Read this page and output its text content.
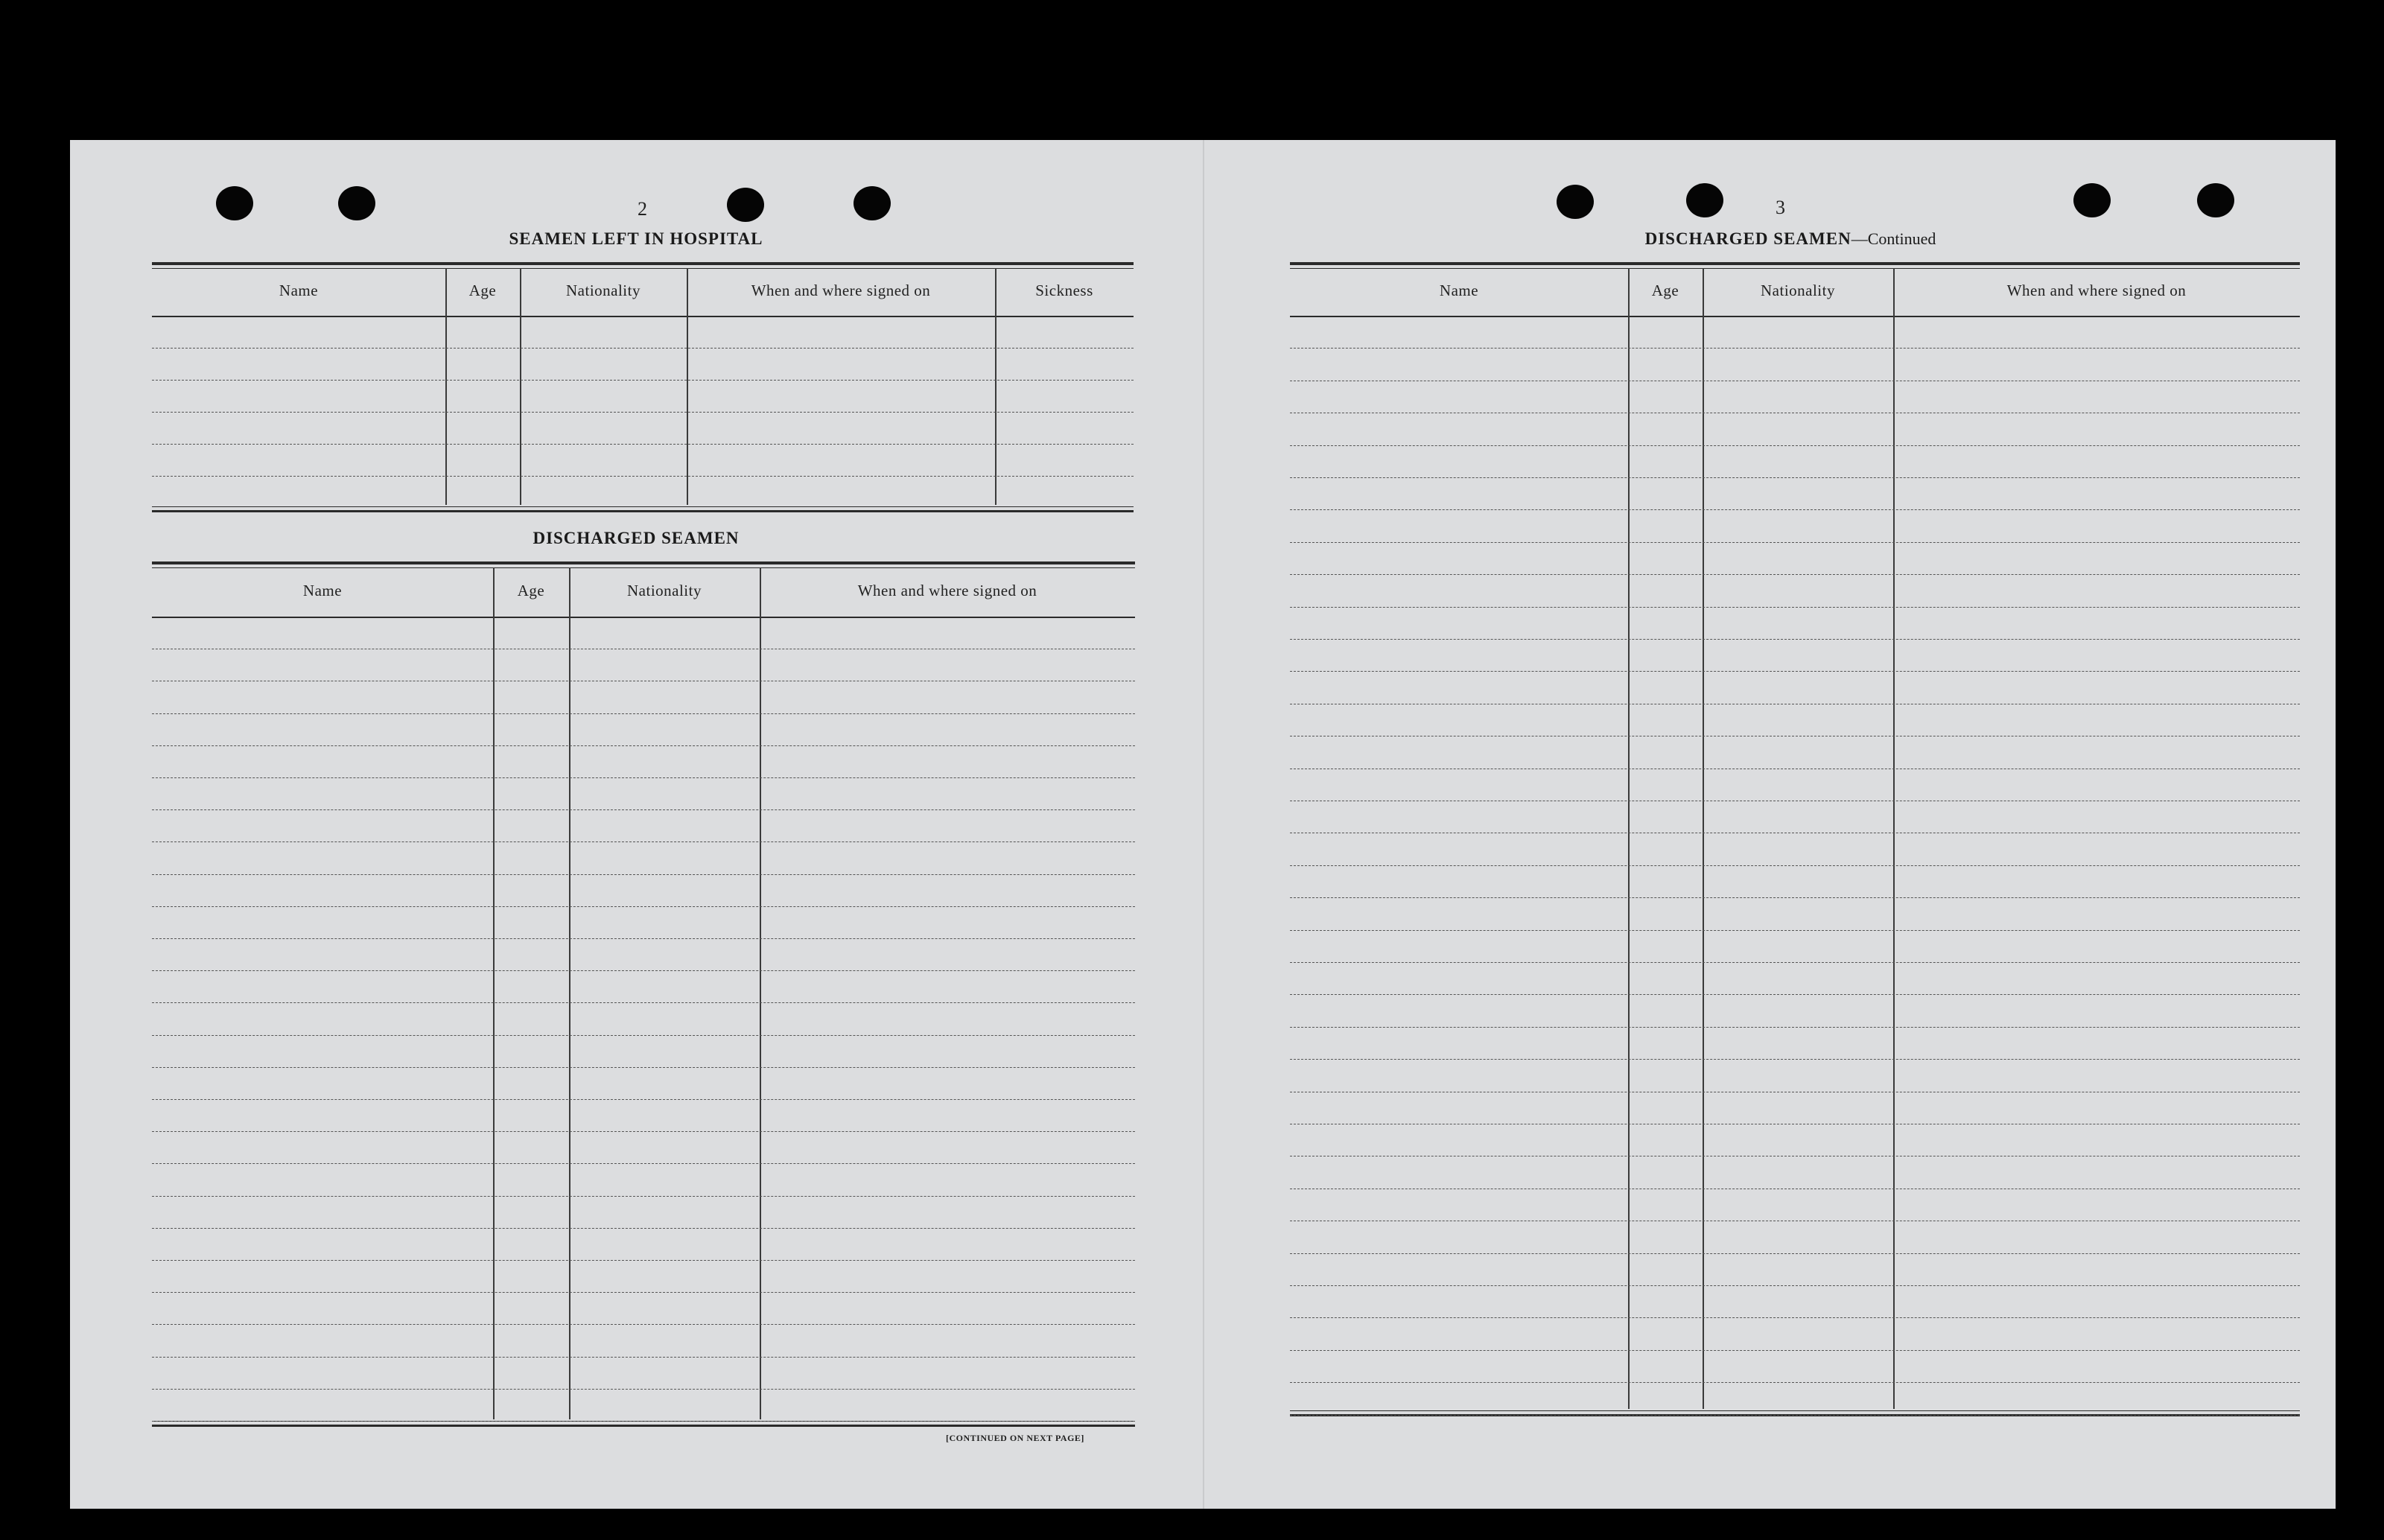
2
SEAMEN LEFT IN HOSPITAL
Name	Age	Nationality	When and where signed on	Sickness
DISCHARGED SEAMEN
Name	Age	Nationality	When and where signed on
[CONTINUED ON NEXT PAGE]
3
DISCHARGED SEAMEN—Continued
Name	Age	Nationality	When and where signed on
